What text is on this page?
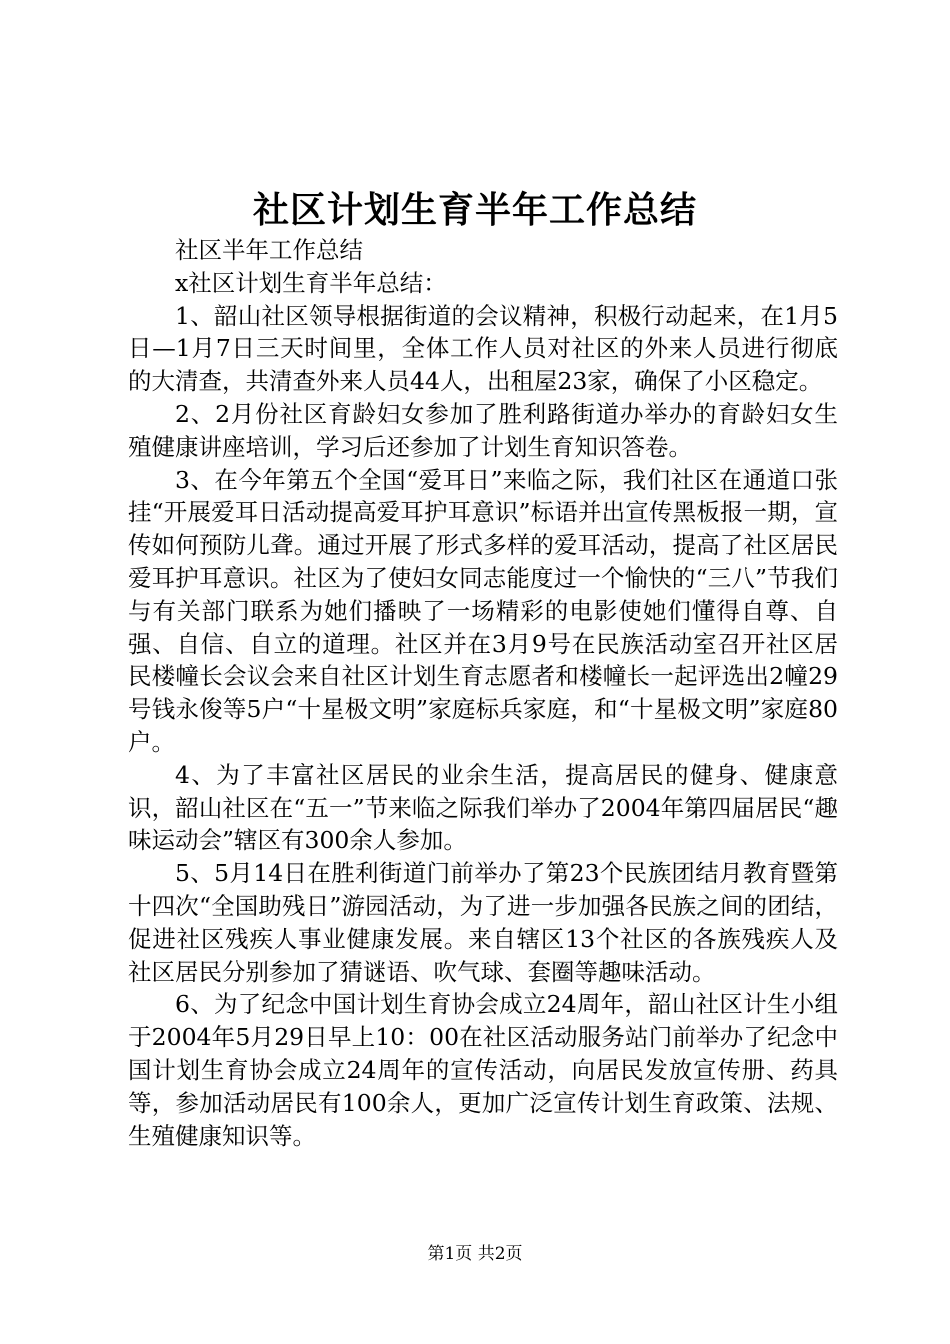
社区计划生育半年工作总结

社区半年工作总结

x社区计划生育半年总结：

1、韶山社区领导根据街道的会议精神，积极行动起来，在1月5日—1月7日三天时间里，全体工作人员对社区的外来人员进行彻底的大清查，共清查外来人员44人，出租屋23家，确保了小区稳定。

2、2月份社区育龄妇女参加了胜利路街道办举办的育龄妇女生殖健康讲座培训，学习后还参加了计划生育知识答卷。

3、在今年第五个全国“爱耳日”来临之际，我们社区在通道口张挂“开展爱耳日活动提高爱耳护耳意识”标语并出宣传黑板报一期，宣传如何预防儿聋。通过开展了形式多样的爱耳活动，提高了社区居民爱耳护耳意识。社区为了使妇女同志能度过一个愉快的“三八”节我们与有关部门联系为她们播映了一场精彩的电影使她们懂得自尊、自强、自信、自立的道理。社区并在3月9号在民族活动室召开社区居民楼幢长会议会来自社区计划生育志愿者和楼幢长一起评选出2幢29号钱永俊等5户“十星极文明”家庭标兵家庭，和“十星极文明”家庭80户。

4、为了丰富社区居民的业余生活，提高居民的健身、健康意识，韶山社区在“五一”节来临之际我们举办了2004年第四届居民“趣味运动会”辖区有300余人参加。

5、5月14日在胜利街道门前举办了第23个民族团结月教育暨第十四次“全国助残日”游园活动，为了进一步加强各民族之间的团结，促进社区残疾人事业健康发展。来自辖区13个社区的各族残疾人及社区居民分别参加了猜谜语、吹气球、套圈等趣味活动。

6、为了纪念中国计划生育协会成立24周年，韶山社区计生小组于2004年5月29日早上10：00在社区活动服务站门前举办了纪念中国计划生育协会成立24周年的宣传活动，向居民发放宣传册、药具等，参加活动居民有100余人，更加广泛宣传计划生育政策、法规、生殖健康知识等。

第1页 共2页
